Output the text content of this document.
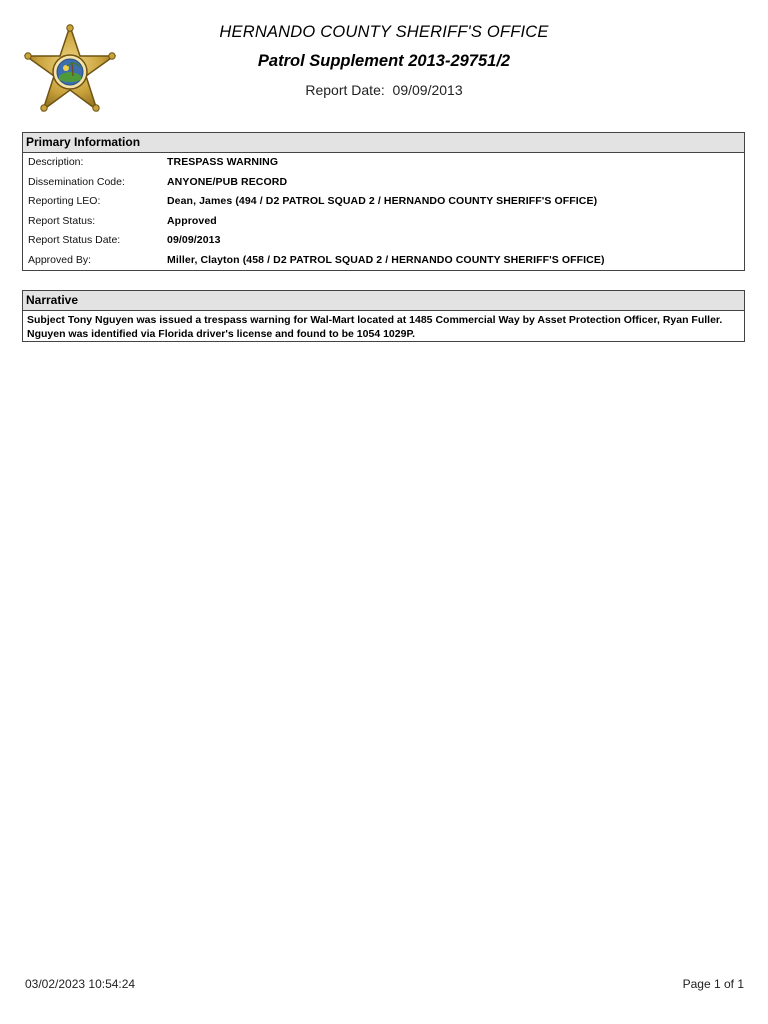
HERNANDO COUNTY SHERIFF'S OFFICE
Patrol Supplement 2013-29751/2
Report Date: 09/09/2013
Primary Information
Description:	TRESPASS WARNING
Dissemination Code:	ANYONE/PUB RECORD
Reporting LEO:	Dean, James (494 / D2 PATROL SQUAD 2 / HERNANDO COUNTY SHERIFF'S OFFICE)
Report Status:	Approved
Report Status Date:	09/09/2013
Approved By:	Miller, Clayton (458 / D2 PATROL SQUAD 2 / HERNANDO COUNTY SHERIFF'S OFFICE)
Narrative
Subject Tony Nguyen was issued a trespass warning for Wal-Mart located at 1485 Commercial Way by Asset Protection Officer, Ryan Fuller. Nguyen was identified via Florida driver's license and found to be 1054 1029P.
03/02/2023 10:54:24	Page 1 of 1
